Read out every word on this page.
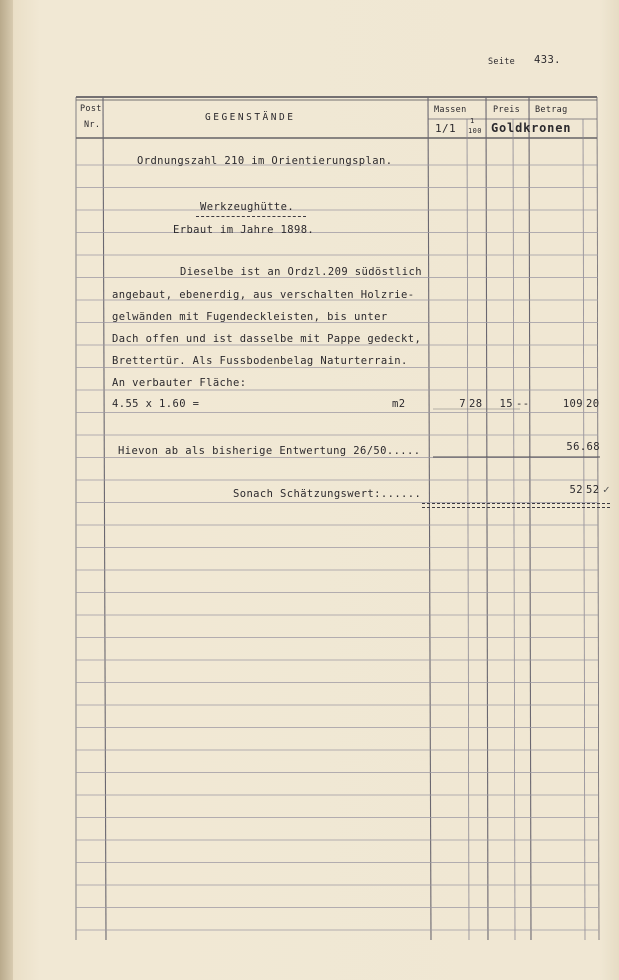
Seite 433.
Post
Nr.
GEGENSTÄNDE
Massen
1/1
1
100
Preis Betrag
Goldkronen
Ordnungszahl 210 im Orientierungsplan.
Werkzeughütte.
Erbaut im Jahre 1898.
Dieselbe ist an Ordzl.209 südöstlich
angebaut, ebenerdig, aus verschalten Holzrie-
gelwänden mit Fugendeckleisten, bis unter
Dach offen und ist dasselbe mit Pappe gedeckt,
Brettertür. Als Fussbodenbelag Naturterrain.
An verbauter Fläche:
4.55 x 1.60 =	m2	7 28	15 --	109 20
Hievon ab als bisherige Entwertung 26/50.....	56.68
Sonach Schätzungswert:......	52 52 ✓
